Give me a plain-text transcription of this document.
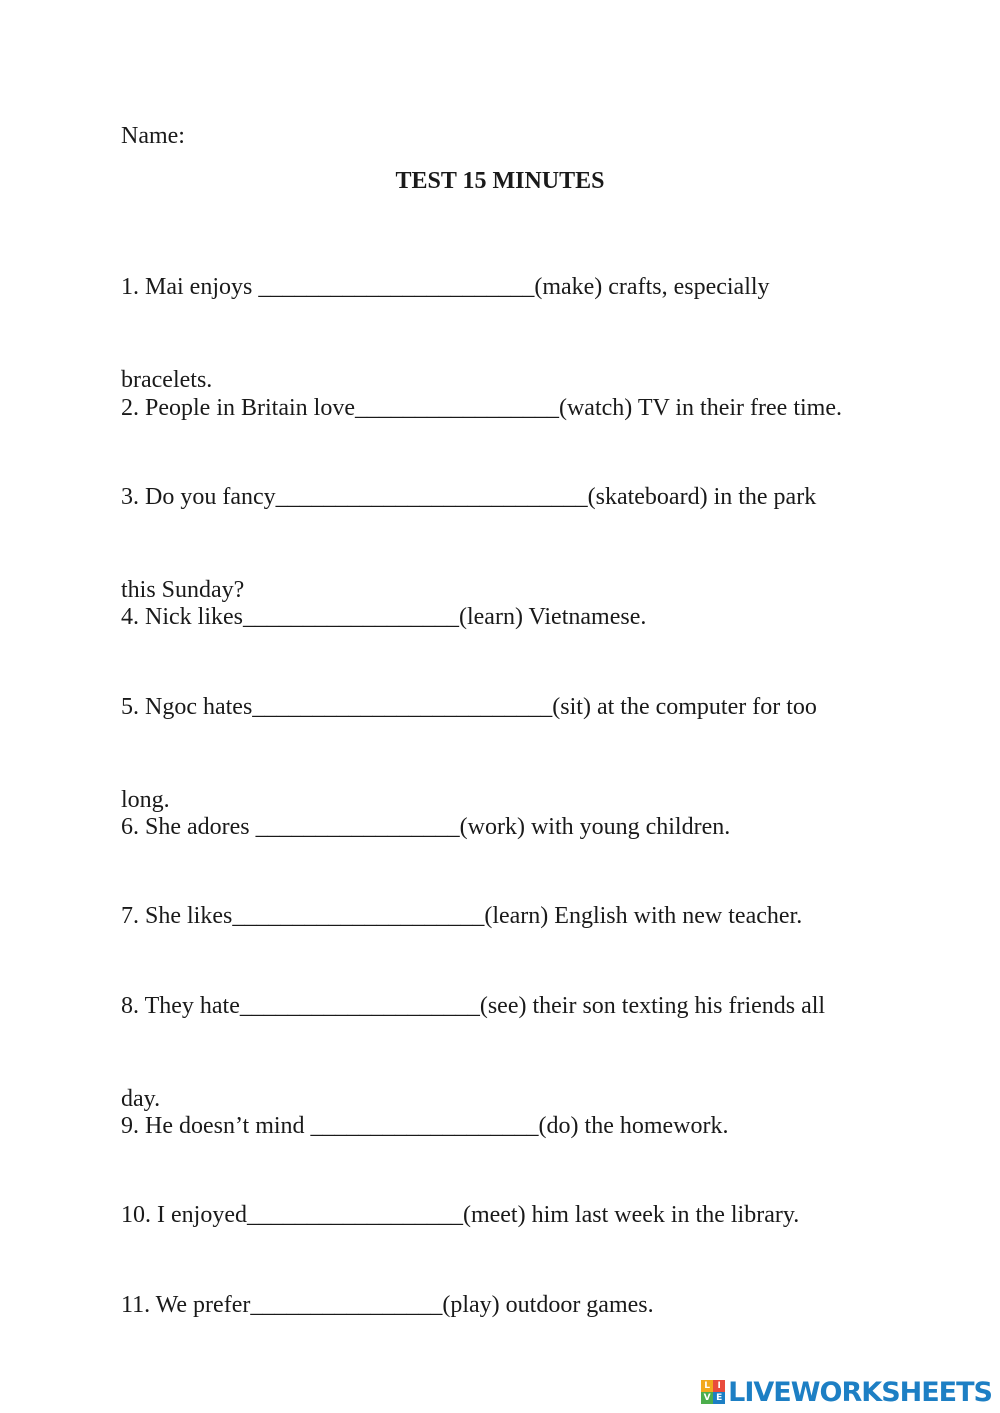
Name:
TEST 15 MINUTES

1. Mai enjoys _______________________(make) crafts, especially

bracelets.

2. People in Britain love_________________(watch) TV in their free time.

3. Do you fancy__________________________(skateboard) in the park

this Sunday?

4. Nick likes__________________(learn) Vietnamese.

5. Ngoc hates_________________________(sit) at the computer for too

long.

6. She adores _________________(work) with young children.

7. She likes_____________________(learn) English with new teacher.

8. They hate____________________(see) their son texting his friends all

day.

9. He doesn’t mind ___________________(do) the homework.

10. I enjoyed__________________(meet) him last week in the library.

11. We prefer________________(play) outdoor games.

L I
V E LIVEWORKSHEETS
